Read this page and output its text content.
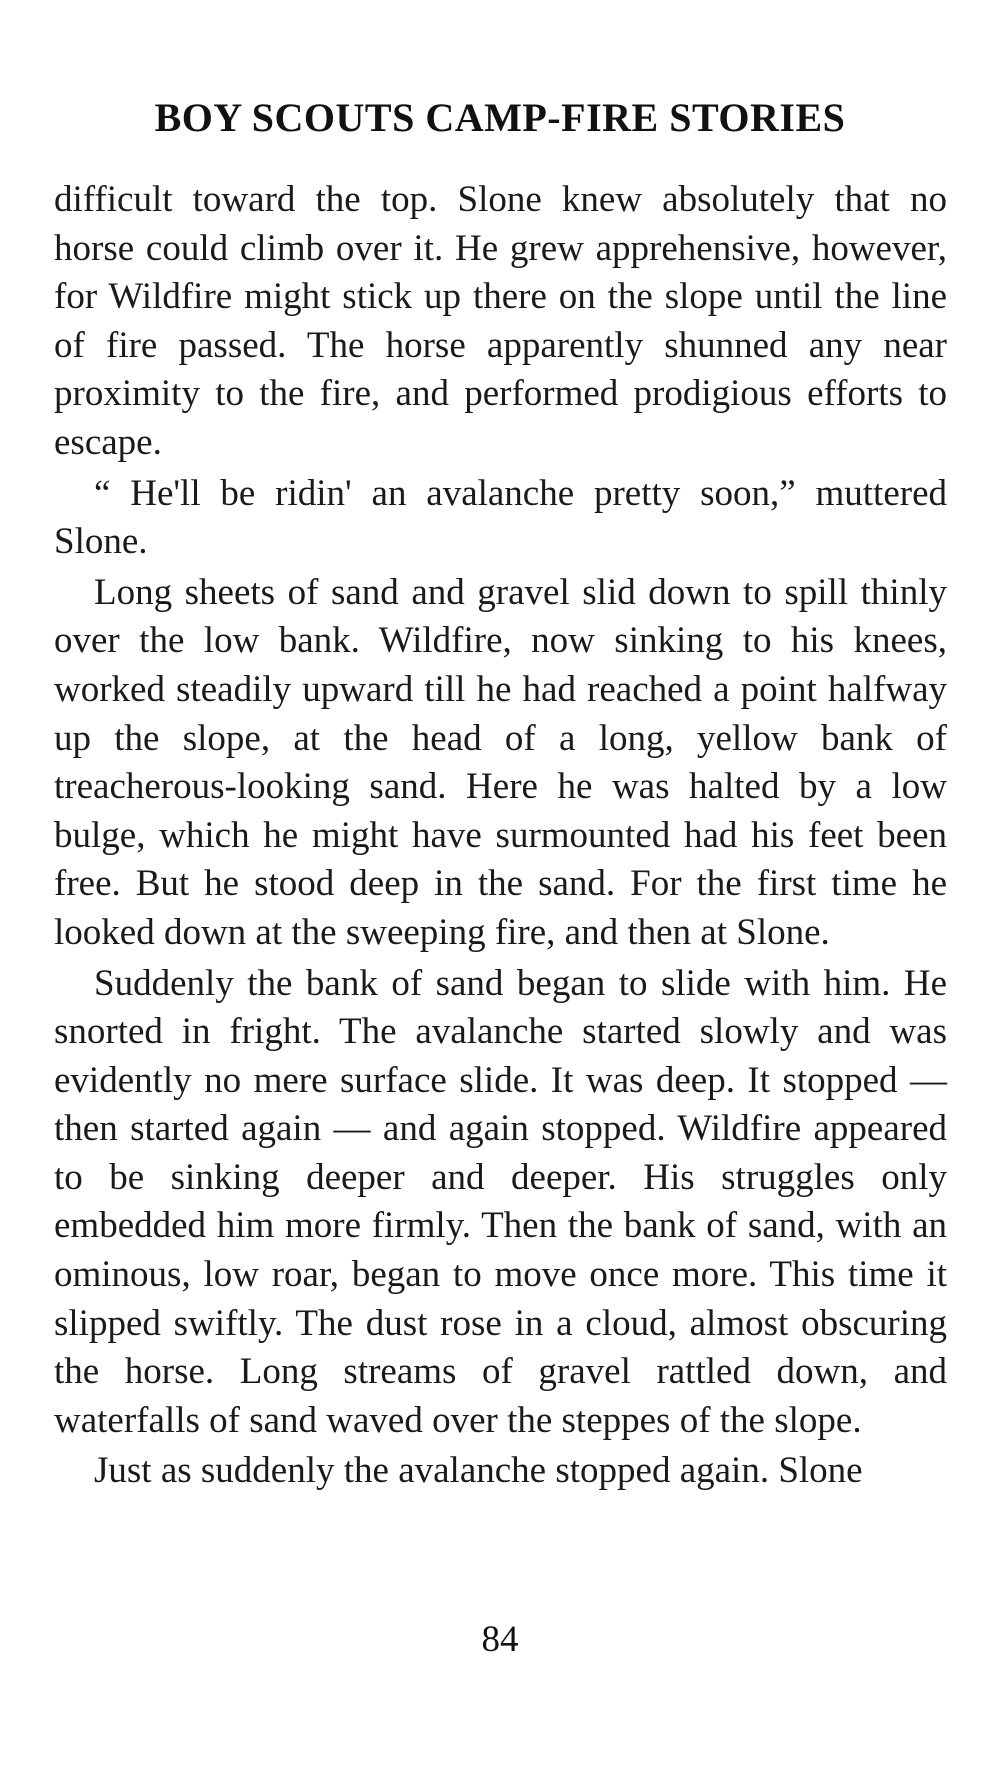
BOY SCOUTS CAMP-FIRE STORIES

difficult toward the top. Slone knew absolutely that no horse could climb over it. He grew apprehensive, however, for Wildfire might stick up there on the slope until the line of fire passed. The horse apparently shunned any near proximity to the fire, and performed prodigious efforts to escape.

“ He'll be ridin' an avalanche pretty soon,” muttered Slone.

Long sheets of sand and gravel slid down to spill thinly over the low bank. Wildfire, now sinking to his knees, worked steadily upward till he had reached a point halfway up the slope, at the head of a long, yellow bank of treacherous-looking sand. Here he was halted by a low bulge, which he might have surmounted had his feet been free. But he stood deep in the sand. For the first time he looked down at the sweeping fire, and then at Slone.

Suddenly the bank of sand began to slide with him. He snorted in fright. The avalanche started slowly and was evidently no mere surface slide. It was deep. It stopped — then started again — and again stopped. Wildfire appeared to be sinking deeper and deeper. His struggles only embedded him more firmly. Then the bank of sand, with an ominous, low roar, began to move once more. This time it slipped swiftly. The dust rose in a cloud, almost obscuring the horse. Long streams of gravel rattled down, and waterfalls of sand waved over the steppes of the slope.

Just as suddenly the avalanche stopped again. Slone

84
